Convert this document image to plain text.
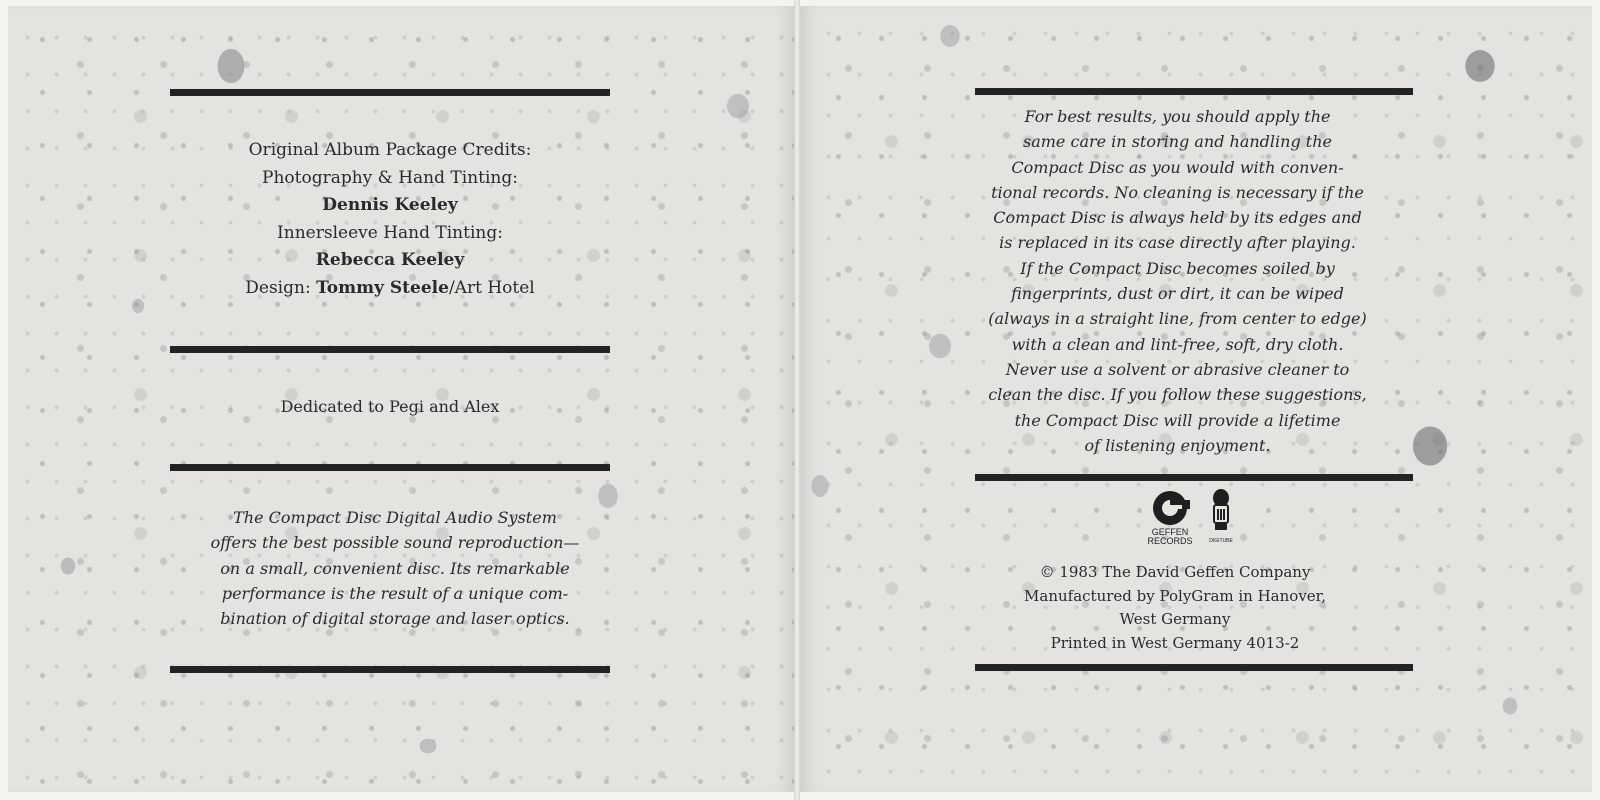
Original Album Package Credits:
Photography & Hand Tinting:
Dennis Keeley
Innersleeve Hand Tinting:
Rebecca Keeley
Design: Tommy Steele/Art Hotel
Dedicated to Pegi and Alex
The Compact Disc Digital Audio System
offers the best possible sound reproduction—
on a small, convenient disc. Its remarkable
performance is the result of a unique com-
bination of digital storage and laser optics.
For best results, you should apply the
same care in storing and handling the
Compact Disc as you would with conven-
tional records. No cleaning is necessary if the
Compact Disc is always held by its edges and
is replaced in its case directly after playing.
If the Compact Disc becomes soiled by
fingerprints, dust or dirt, it can be wiped
(always in a straight line, from center to edge)
with a clean and lint-free, soft, dry cloth.
Never use a solvent or abrasive cleaner to
clean the disc. If you follow these suggestions,
the Compact Disc will provide a lifetime
of listening enjoyment.
GEFFEN
RECORDS	DIGITUBE
© 1983 The David Geffen Company
Manufactured by PolyGram in Hanover,
West Germany
Printed in West Germany 4013-2
